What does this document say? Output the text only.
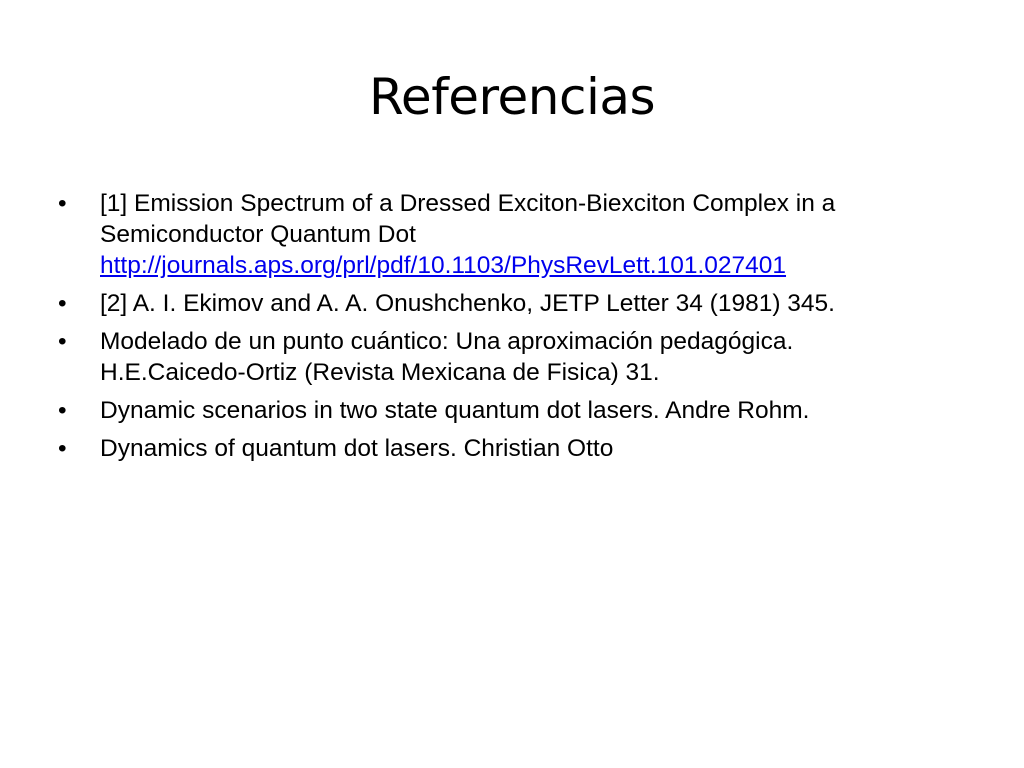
Referencias
•	[1] Emission Spectrum of a Dressed Exciton-Biexciton Complex in a
Semiconductor Quantum Dot
http://journals.aps.org/prl/pdf/10.1103/PhysRevLett.101.027401
•	[2] A. I. Ekimov and A. A. Onushchenko, JETP Letter 34 (1981) 345.
•	Modelado de un punto cuántico: Una aproximación pedagógica.
H.E.Caicedo-Ortiz (Revista Mexicana de Fisica) 31.
•	Dynamic scenarios in two state quantum dot lasers. Andre Rohm.
•	Dynamics of quantum dot lasers. Christian Otto
